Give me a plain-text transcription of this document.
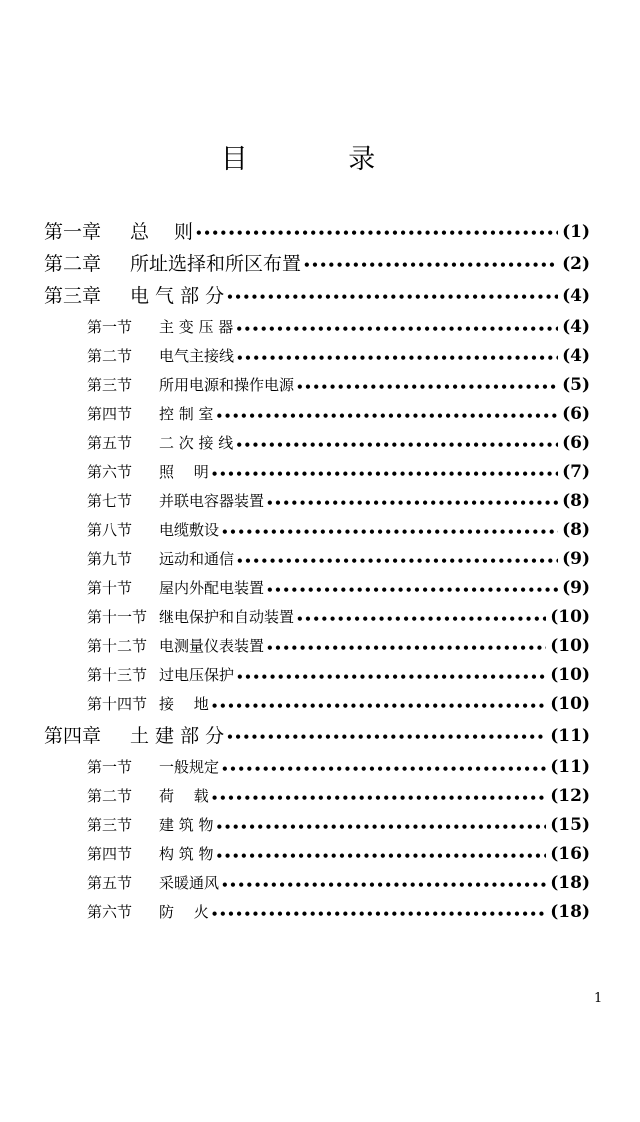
目 录
第一章	总　 则 •••••	(1)
第二章	所址选择和所区布置 •••••	(2)
第三章	电 气 部 分 •••••	(4)
第一节	主 变 压 器 •••••	(4)
第二节	电气主接线 •••••	(4)
第三节	所用电源和操作电源 •••••	(5)
第四节	控 制 室 •••••	(6)
第五节	二 次 接 线 •••••	(6)
第六节	照　 明 •••••	(7)
第七节	并联电容器装置 •••••	(8)
第八节	电缆敷设 •••••	(8)
第九节	远动和通信 •••••	(9)
第十节	屋内外配电装置 •••••	(9)
第十一节 继电保护和自动装置 •••••	(10)
第十二节 电测量仪表装置 •••••	(10)
第十三节 过电压保护 •••••	(10)
第十四节 接　 地 •••••	(10)
第四章	土 建 部 分 •••••	(11)
第一节	一般规定 •••••	(11)
第二节	荷　 载 •••••	(12)
第三节	建 筑 物 •••••	(15)
第四节	构 筑 物 •••••	(16)
第五节	采暖通风 •••••	(18)
第六节	防　 火 •••••	(18)
1
